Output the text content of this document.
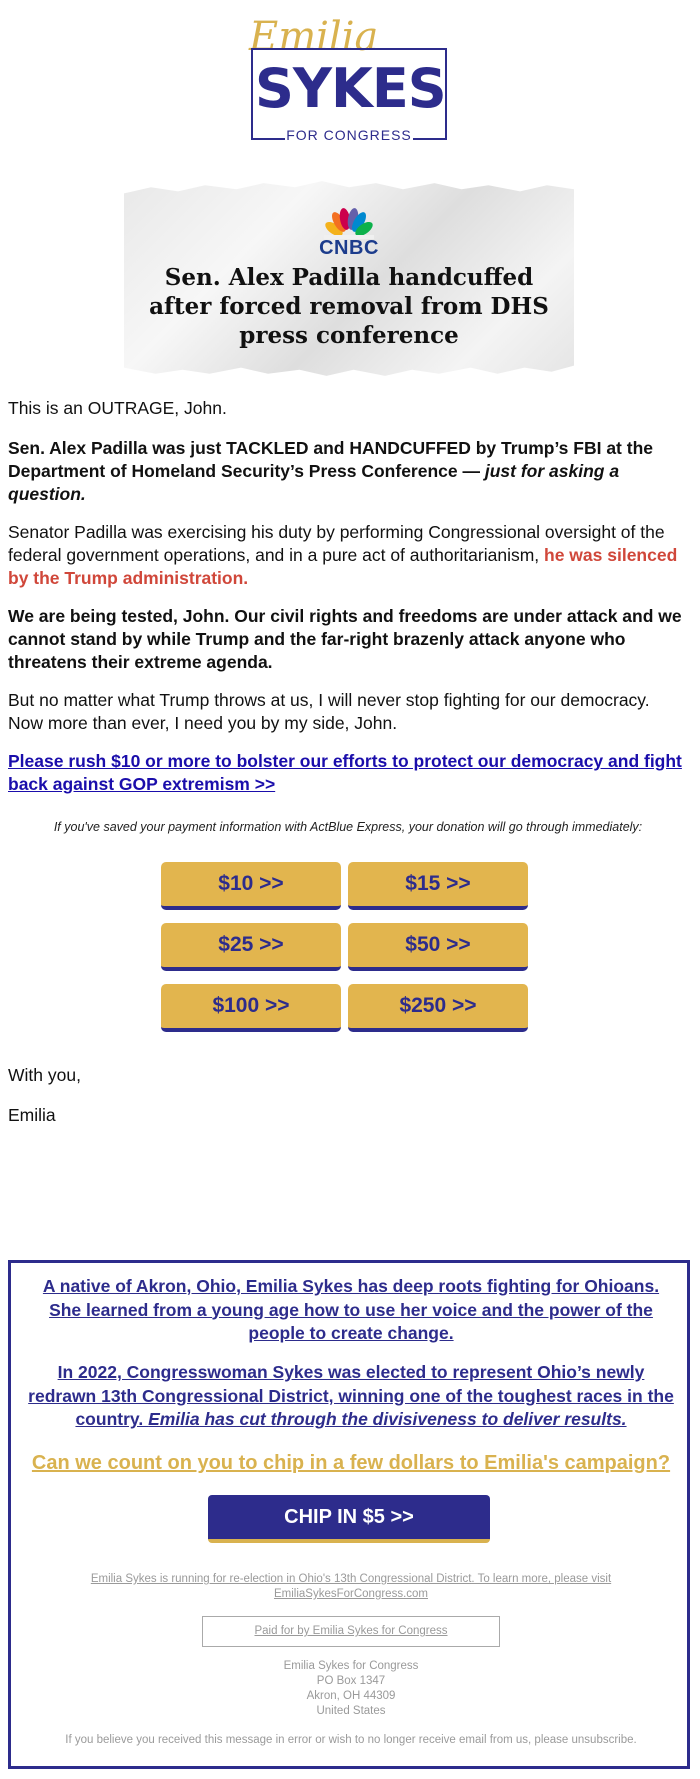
Emilia
SYKES
FOR CONGRESS
CNBC
Sen. Alex Padilla handcuffed after forced removal from DHS press conference

This is an OUTRAGE, John.

Sen. Alex Padilla was just TACKLED and HANDCUFFED by Trump’s FBI at the Department of Homeland Security’s Press Conference — just for asking a question.

Senator Padilla was exercising his duty by performing Congressional oversight of the federal government operations, and in a pure act of authoritarianism, he was silenced by the Trump administration.

We are being tested, John. Our civil rights and freedoms are under attack and we cannot stand by while Trump and the far-right brazenly attack anyone who threatens their extreme agenda.

But no matter what Trump throws at us, I will never stop fighting for our democracy. Now more than ever, I need you by my side, John.

Please rush $10 or more to bolster our efforts to protect our democracy and fight back against GOP extremism >>

If you've saved your payment information with ActBlue Express, your donation will go through immediately:

With you,

Emilia

$10 >>	$15 >>
$25 >>	$50 >>
$100 >>	$250 >>
A native of Akron, Ohio, Emilia Sykes has deep roots fighting for Ohioans. She learned from a young age how to use her voice and the power of the people to create change.
In 2022, Congresswoman Sykes was elected to represent Ohio’s newly redrawn 13th Congressional District, winning one of the toughest races in the country. Emilia has cut through the divisiveness to deliver results.
Can we count on you to chip in a few dollars to Emilia's campaign?
CHIP IN $5 >>
Emilia Sykes is running for re-election in Ohio's 13th Congressional District. To learn more, please visit EmiliaSykesForCongress.com
Paid for by Emilia Sykes for Congress
Emilia Sykes for Congress
PO Box 1347
Akron, OH 44309
United States
If you believe you received this message in error or wish to no longer receive email from us, please unsubscribe.
